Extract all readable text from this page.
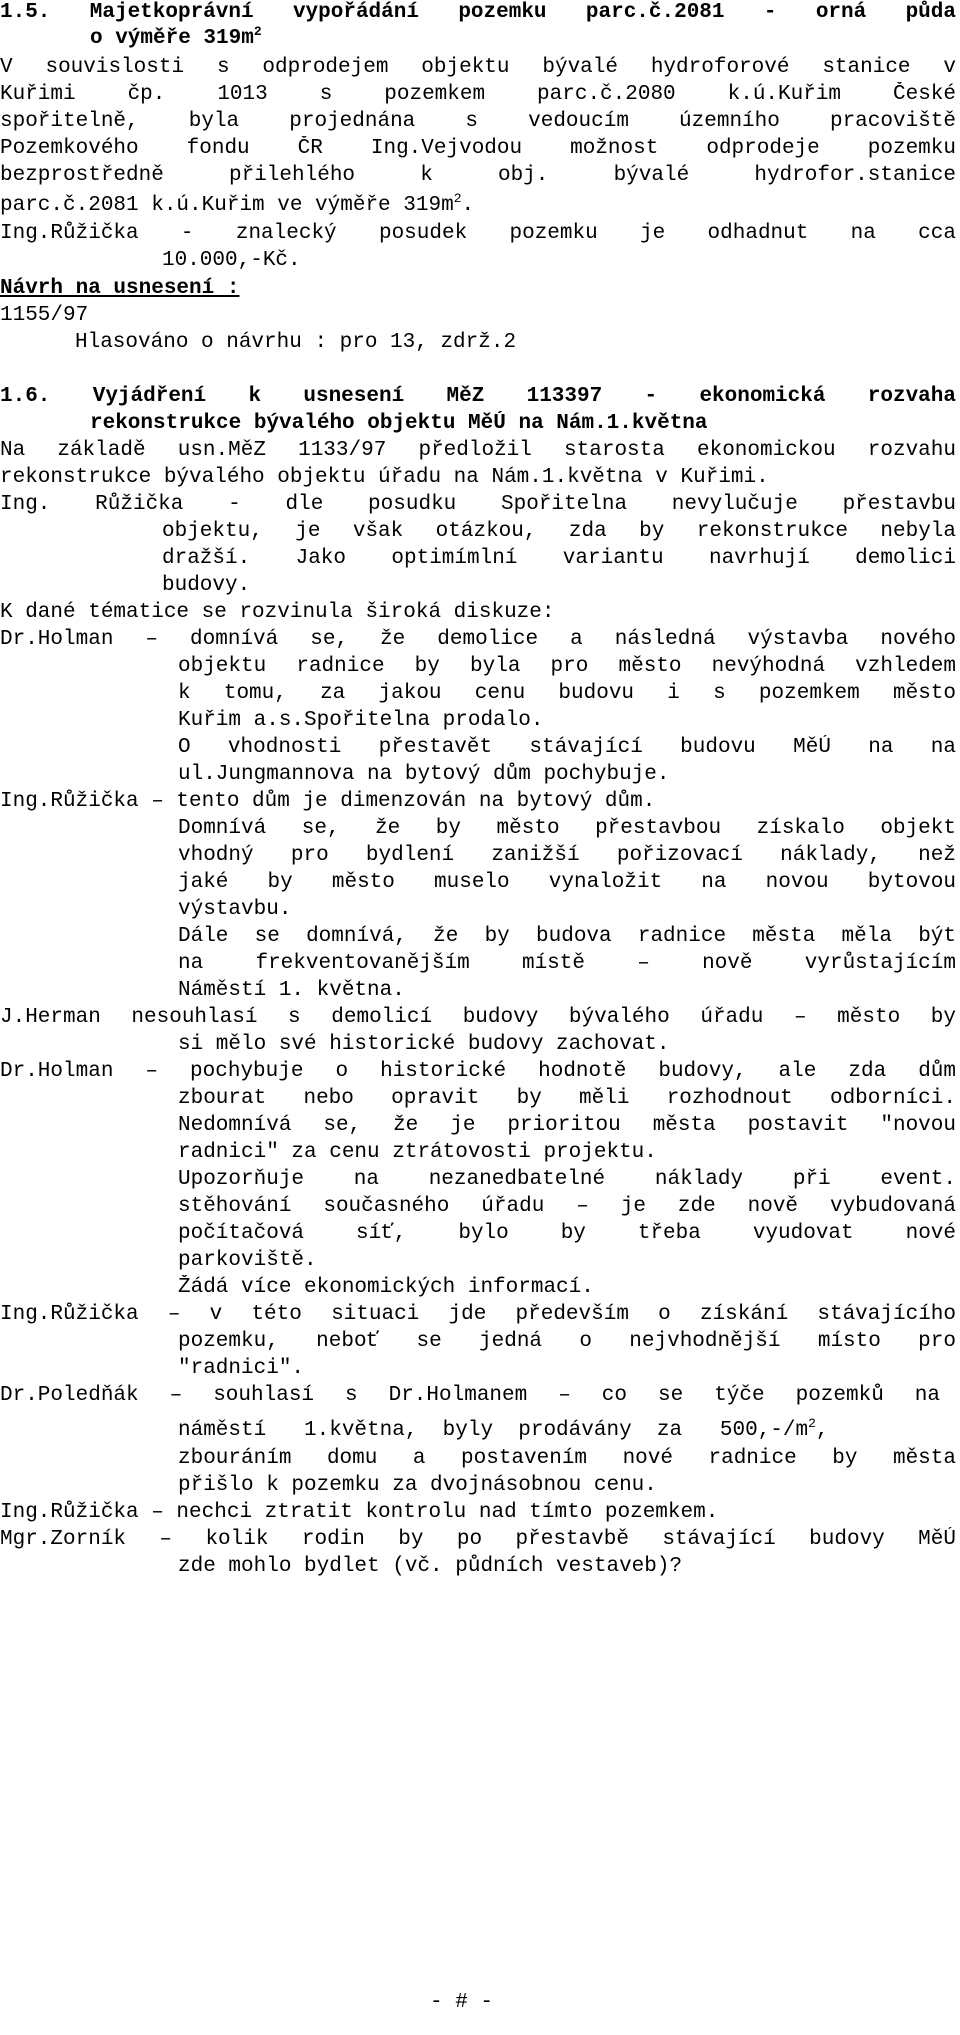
1.5. Majetkoprávní vypořádání pozemku parc.č.2081 - orná půda
o výměře $319m^2$
V souvislosti s odprodejem objektu bývalé hydroforové stanice v
Kuřimi čp. 1013 s pozemkem parc.č.2080 k.ú.Kuřim České
spořitelně, byla projednána s vedoucím územního pracoviště
Pozemkového fondu ČR Ing.Vejvodou možnost odprodeje pozemku
bezprostředně přilehlého k obj. bývalé hydrofor.stanice
parc.č.2081 k.ú.Kuřim ve výměře $319m^2$.
Ing.Růžička - znalecký posudek pozemku je odhadnut na cca
10.000,-Kč.
Návrh na usnesení :
1155/97
Hlasováno o návrhu : pro 13, zdrž.2
1.6. Vyjádření k usnesení MěZ 113397 - ekonomická rozvaha
rekonstrukce bývalého objektu MěÚ na Nám.1.května
Na základě usn.MěZ 1133/97 předložil starosta ekonomickou rozvahu
rekonstrukce bývalého objektu úřadu na Nám.1.května v Kuřimi.
Ing. Růžička - dle posudku Spořitelna nevylučuje přestavbu
objektu, je však otázkou, zda by rekonstrukce nebyla
dražší. Jako optimímlní variantu navrhují demolici
budovy.
K dané tématice se rozvinula široká diskuze:
Dr.Holman – domnívá se, že demolice a následná výstavba nového
objektu radnice by byla pro město nevýhodná vzhledem
k tomu, za jakou cenu budovu i s pozemkem město
Kuřim a.s.Spořitelna prodalo.
O vhodnosti přestavět stávající budovu MěÚ na na
ul.Jungmannova na bytový dům pochybuje.
Ing.Růžička – tento dům je dimenzován na bytový dům.
Domnívá se, že by město přestavbou získalo objekt
vhodný pro bydlení zanižší pořizovací náklady, než
jaké by město muselo vynaložit na novou bytovou
výstavbu.
Dále se domnívá, že by budova radnice města měla být
na frekventovanějším místě – nově vyrůstajícím
Náměstí 1. května.
J.Herman nesouhlasí s demolicí budovy bývalého úřadu – město by
si mělo své historické budovy zachovat.
Dr.Holman – pochybuje o historické hodnotě budovy, ale zda dům
zbourat nebo opravit by měli rozhodnout odborníci.
Nedomnívá se, že je prioritou města postavit "novou
radnici" za cenu ztrátovosti projektu.
Upozorňuje na nezanedbatelné náklady při event.
stěhování současného úřadu – je zde nově vybudovaná
počítačová síť, bylo by třeba vyudovat nové
parkoviště.
Žádá více ekonomických informací.
Ing.Růžička – v této situaci jde především o získání stávajícího
pozemku, neboť se jedná o nejvhodnější místo pro
"radnici".
Dr.Poledňák – souhlasí s Dr.Holmanem – co se týče pozemků na
náměstí   1.května,  byly  prodávány  za   $500,-/m^2$,
zbouráním domu a postavením nové radnice by města
přišlo k pozemku za dvojnásobnou cenu.
Ing.Růžička – nechci ztratit kontrolu nad tímto pozemkem.
Mgr.Zorník – kolik rodin by po přestavbě stávající budovy MěÚ
zde mohlo bydlet (vč. půdních vestaveb)?
- # -
